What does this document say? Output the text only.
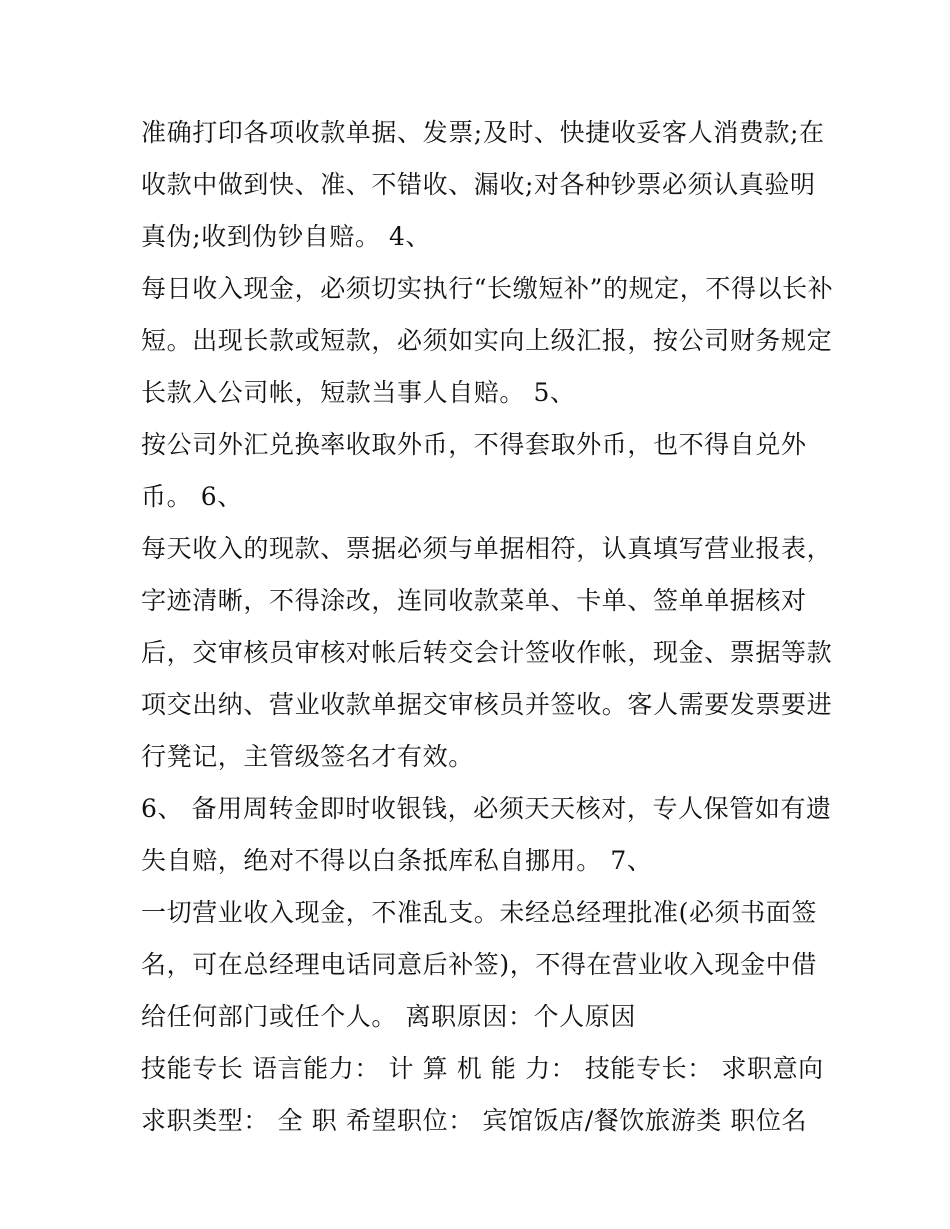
准确打印各项收款单据、发票;及时、快捷收妥客人消费款;在
收款中做到快、准、不错收、漏收;对各种钞票必须认真验明
真伪;收到伪钞自赔。 4、
每日收入现金，必须切实执行“长缴短补”的规定，不得以长补
短。出现长款或短款，必须如实向上级汇报，按公司财务规定
长款入公司帐，短款当事人自赔。 5、
按公司外汇兑换率收取外币，不得套取外币，也不得自兑外
币。 6、
每天收入的现款、票据必须与单据相符，认真填写营业报表，
字迹清晰，不得涂改，连同收款菜单、卡单、签单单据核对
后，交审核员审核对帐后转交会计签收作帐，现金、票据等款
项交出纳、营业收款单据交审核员并签收。客人需要发票要进
行凳记，主管级签名才有效。
6、 备用周转金即时收银钱，必须天天核对，专人保管如有遗
失自赔，绝对不得以白条抵库私自挪用。 7、
一切营业收入现金，不准乱支。未经总经理批准(必须书面签
名，可在总经理电话同意后补签)，不得在营业收入现金中借
给任何部门或任个人。 离职原因：个人原因
技能专长 语言能力： 计 算 机 能 力： 技能专长： 求职意向
求职类型： 全 职 希望职位： 宾馆饭店/餐饮旅游类 职位名
